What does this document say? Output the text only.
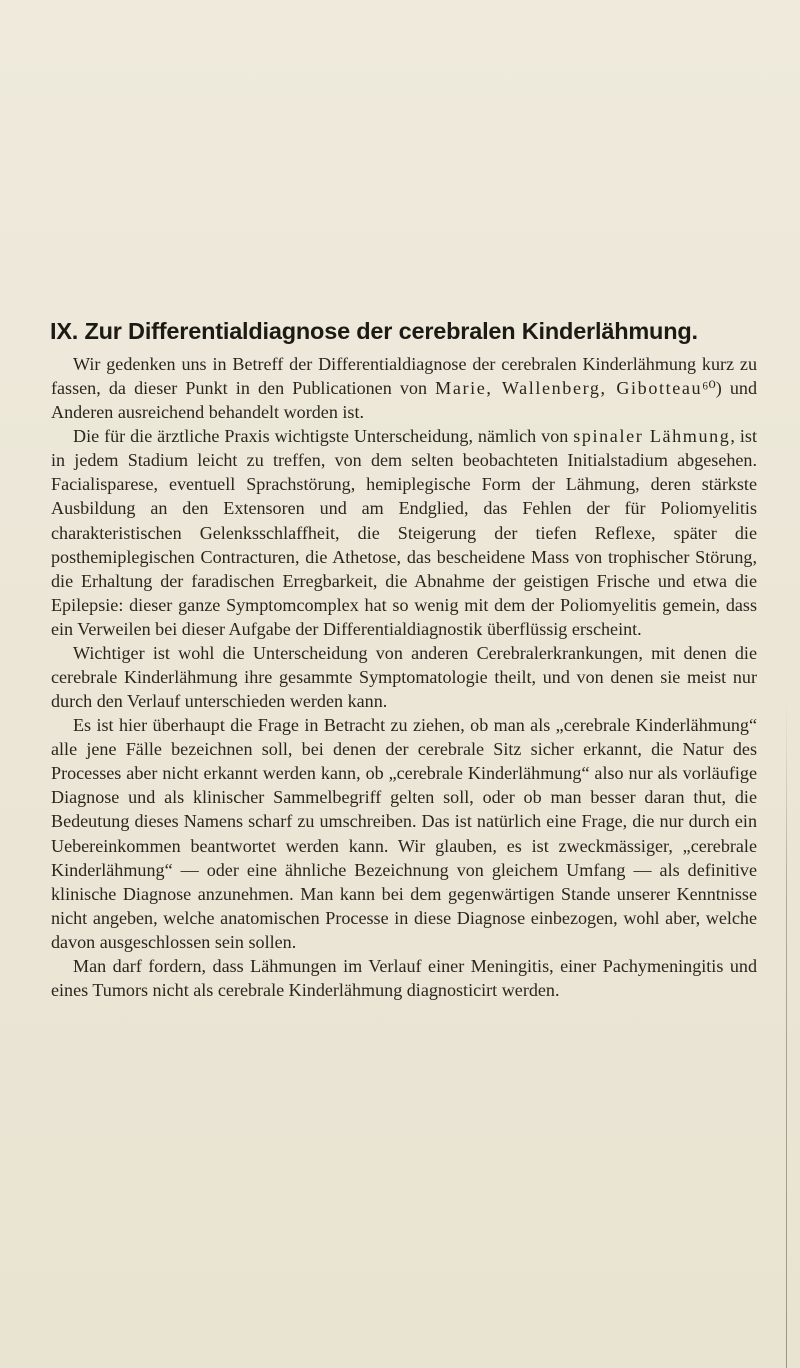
IX. Zur Differentialdiagnose der cerebralen Kinderlähmung.

Wir gedenken uns in Betreff der Differentialdiagnose der cerebralen Kinderlähmung kurz zu fassen, da dieser Punkt in den Publicationen von Marie, Wallenberg, Gibotteau⁶⁰) und Anderen ausreichend behandelt worden ist.

Die für die ärztliche Praxis wichtigste Unterscheidung, nämlich von spinaler Lähmung, ist in jedem Stadium leicht zu treffen, von dem selten beobachteten Initialstadium abgesehen. Facialisparese, eventuell Sprachstörung, hemiplegische Form der Lähmung, deren stärkste Ausbildung an den Extensoren und am Endglied, das Fehlen der für Poliomyelitis charakteristischen Gelenksschlaffheit, die Steigerung der tiefen Reflexe, später die posthemiplegischen Contracturen, die Athetose, das bescheidene Mass von trophischer Störung, die Erhaltung der faradischen Erregbarkeit, die Abnahme der geistigen Frische und etwa die Epilepsie: dieser ganze Symptomcomplex hat so wenig mit dem der Poliomyelitis gemein, dass ein Verweilen bei dieser Aufgabe der Differentialdiagnostik überflüssig erscheint.

Wichtiger ist wohl die Unterscheidung von anderen Cerebralerkrankungen, mit denen die cerebrale Kinderlähmung ihre gesammte Symptomatologie theilt, und von denen sie meist nur durch den Verlauf unterschieden werden kann.

Es ist hier überhaupt die Frage in Betracht zu ziehen, ob man als „cerebrale Kinderlähmung“ alle jene Fälle bezeichnen soll, bei denen der cerebrale Sitz sicher erkannt, die Natur des Processes aber nicht erkannt werden kann, ob „cerebrale Kinderlähmung“ also nur als vorläufige Diagnose und als klinischer Sammelbegriff gelten soll, oder ob man besser daran thut, die Bedeutung dieses Namens scharf zu umschreiben. Das ist natürlich eine Frage, die nur durch ein Uebereinkommen beantwortet werden kann. Wir glauben, es ist zweckmässiger, „cerebrale Kinderlähmung“ — oder eine ähnliche Bezeichnung von gleichem Umfang — als definitive klinische Diagnose anzunehmen. Man kann bei dem gegenwärtigen Stande unserer Kenntnisse nicht angeben, welche anatomischen Processe in diese Diagnose einbezogen, wohl aber, welche davon ausgeschlossen sein sollen.

Man darf fordern, dass Lähmungen im Verlauf einer Meningitis, einer Pachymeningitis und eines Tumors nicht als cerebrale Kinderlähmung diagnosticirt werden.
